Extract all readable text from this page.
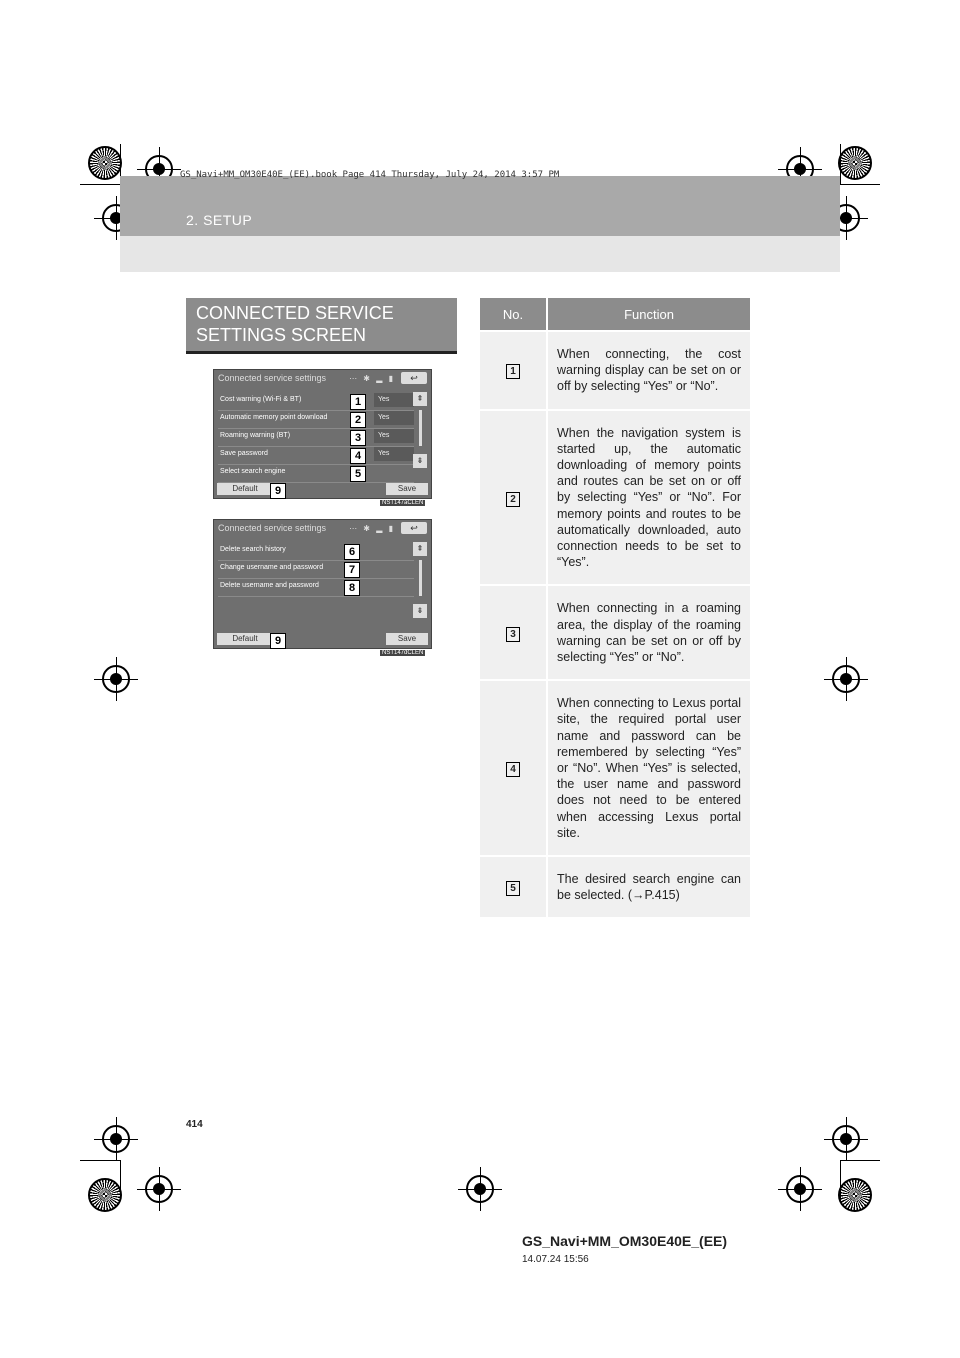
GS_Navi+MM_OM30E40E_(EE).book Page 414 Thursday, July 24, 2014 3:57 PM
2. SETUP
CONNECTED SERVICE
SETTINGS SCREEN
Connected service settings	⋯ ✱ ▂ ▮	↩
Cost warning (Wi-Fi & BT)	Yes
Automatic memory point download	Yes
Roaming warning (BT)	Yes
Save password	Yes
Select search engine
⇞
⇟
Default	Save
1
2
3
4
5
9
NST147aCLEN
Connected service settings	⋯ ✱ ▂ ▮	↩
Delete search history
Change username and password
Delete username and password
⇞
⇟
Default	Save
6
7
8
9
NST147dCLEN
No.	Function
1	When connecting, the cost warning display can be set on or off by selecting “Yes” or “No”.
2	When the navigation system is started up, the automatic downloading of memory points and routes can be set on or off by selecting “Yes” or “No”. For memory points and routes to be automatically downloaded, auto connection needs to be set to “Yes”.
3	When connecting in a roaming area, the display of the roaming warning can be set on or off by selecting “Yes” or “No”.
4	When connecting to Lexus portal site, the required portal user name and password can be remembered by selecting “Yes” or “No”. When “Yes” is selected, the user name and password does not need to be entered when accessing Lexus portal site.
5	The desired search engine can be selected. (→P.415)
414
GS_Navi+MM_OM30E40E_(EE)
14.07.24 15:56
